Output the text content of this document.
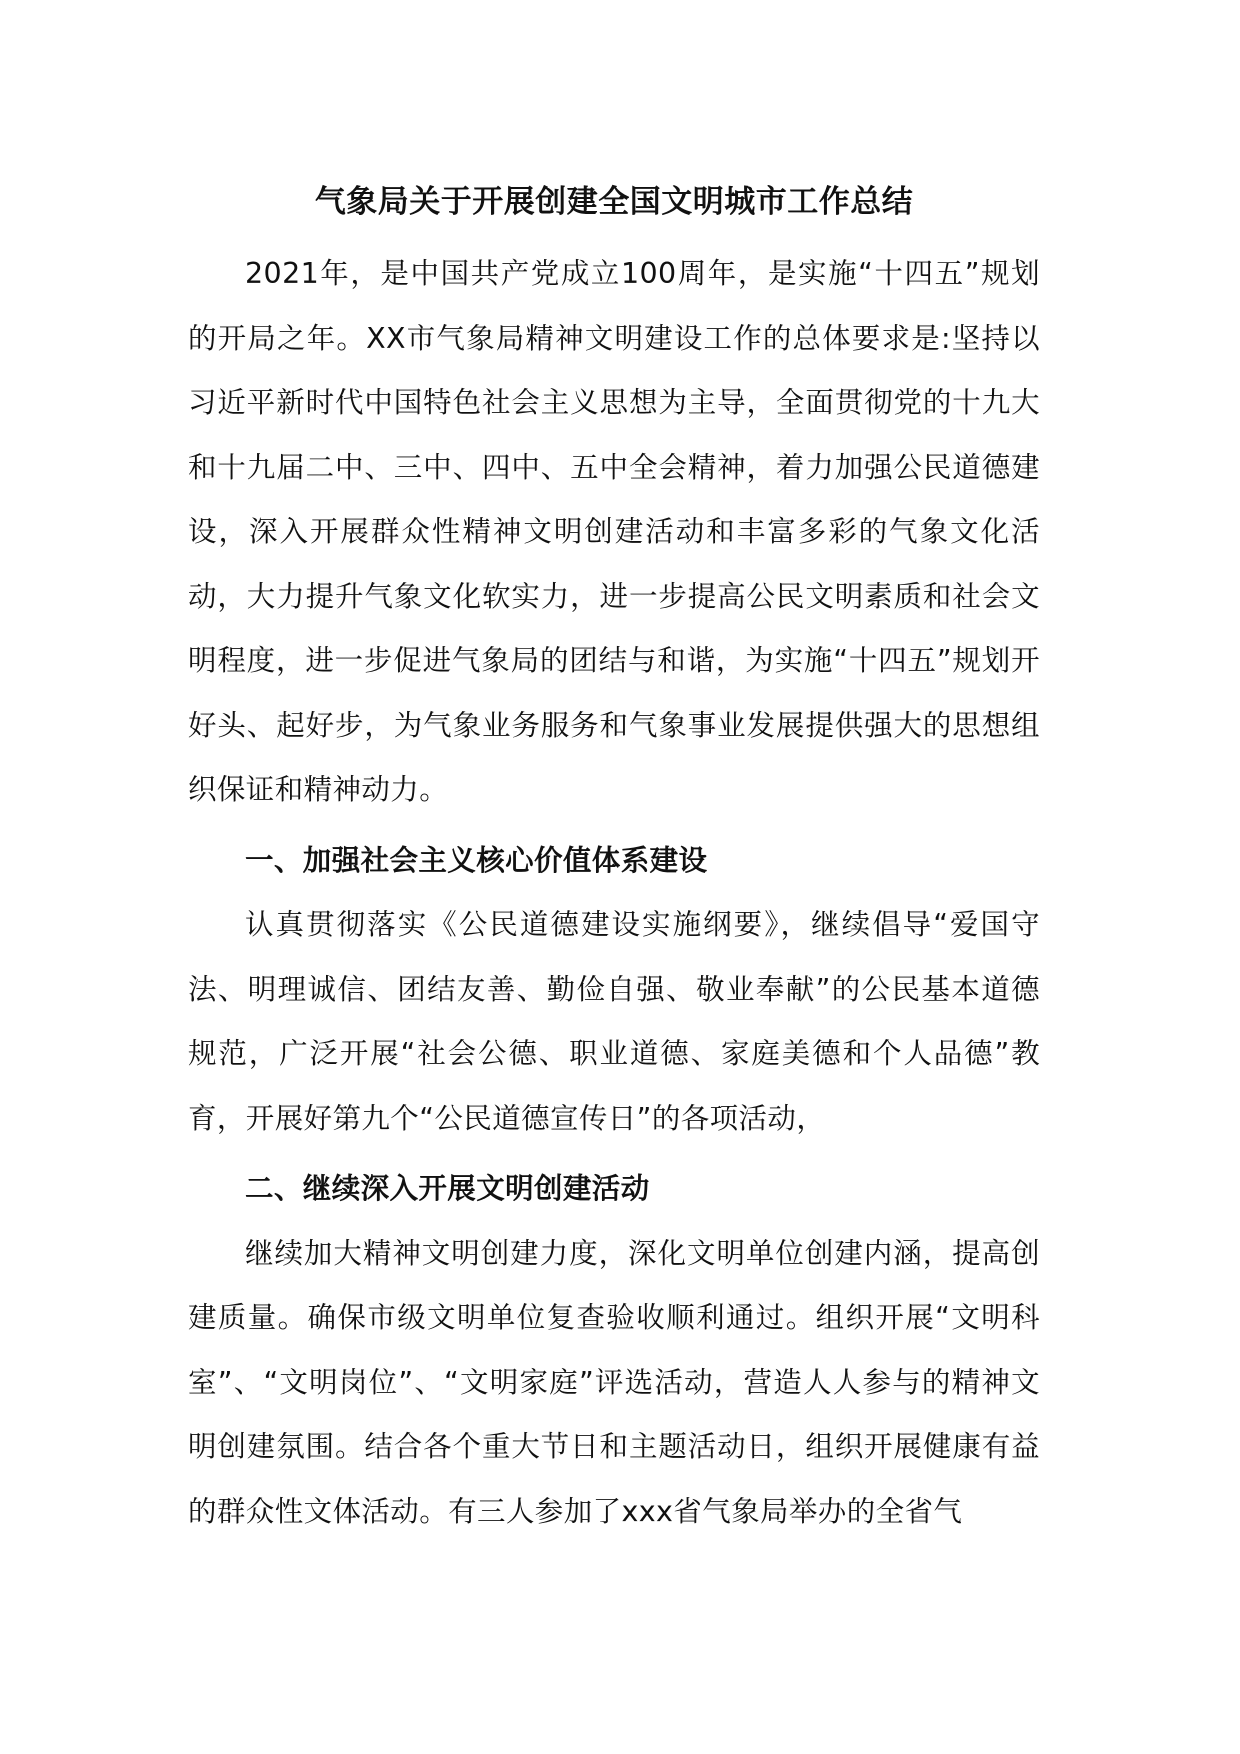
气象局关于开展创建全国文明城市工作总结

2021年，是中国共产党成立100周年，是实施“十四五”规划的开局之年。XX市气象局精神文明建设工作的总体要求是:坚持以习近平新时代中国特色社会主义思想为主导，全面贯彻党的十九大和十九届二中、三中、四中、五中全会精神，着力加强公民道德建设，深入开展群众性精神文明创建活动和丰富多彩的气象文化活动，大力提升气象文化软实力，进一步提高公民文明素质和社会文明程度，进一步促进气象局的团结与和谐，为实施“十四五”规划开好头、起好步，为气象业务服务和气象事业发展提供强大的思想组织保证和精神动力。

一、加强社会主义核心价值体系建设

认真贯彻落实《公民道德建设实施纲要》，继续倡导“爱国守法、明理诚信、团结友善、勤俭自强、敬业奉献”的公民基本道德规范，广泛开展“社会公德、职业道德、家庭美德和个人品德”教育，开展好第九个“公民道德宣传日”的各项活动，

二、继续深入开展文明创建活动

继续加大精神文明创建力度，深化文明单位创建内涵，提高创建质量。确保市级文明单位复查验收顺利通过。组织开展“文明科室”、“文明岗位”、“文明家庭”评选活动，营造人人参与的精神文明创建氛围。结合各个重大节日和主题活动日，组织开展健康有益的群众性文体活动。有三人参加了xxx省气象局举办的全省气
